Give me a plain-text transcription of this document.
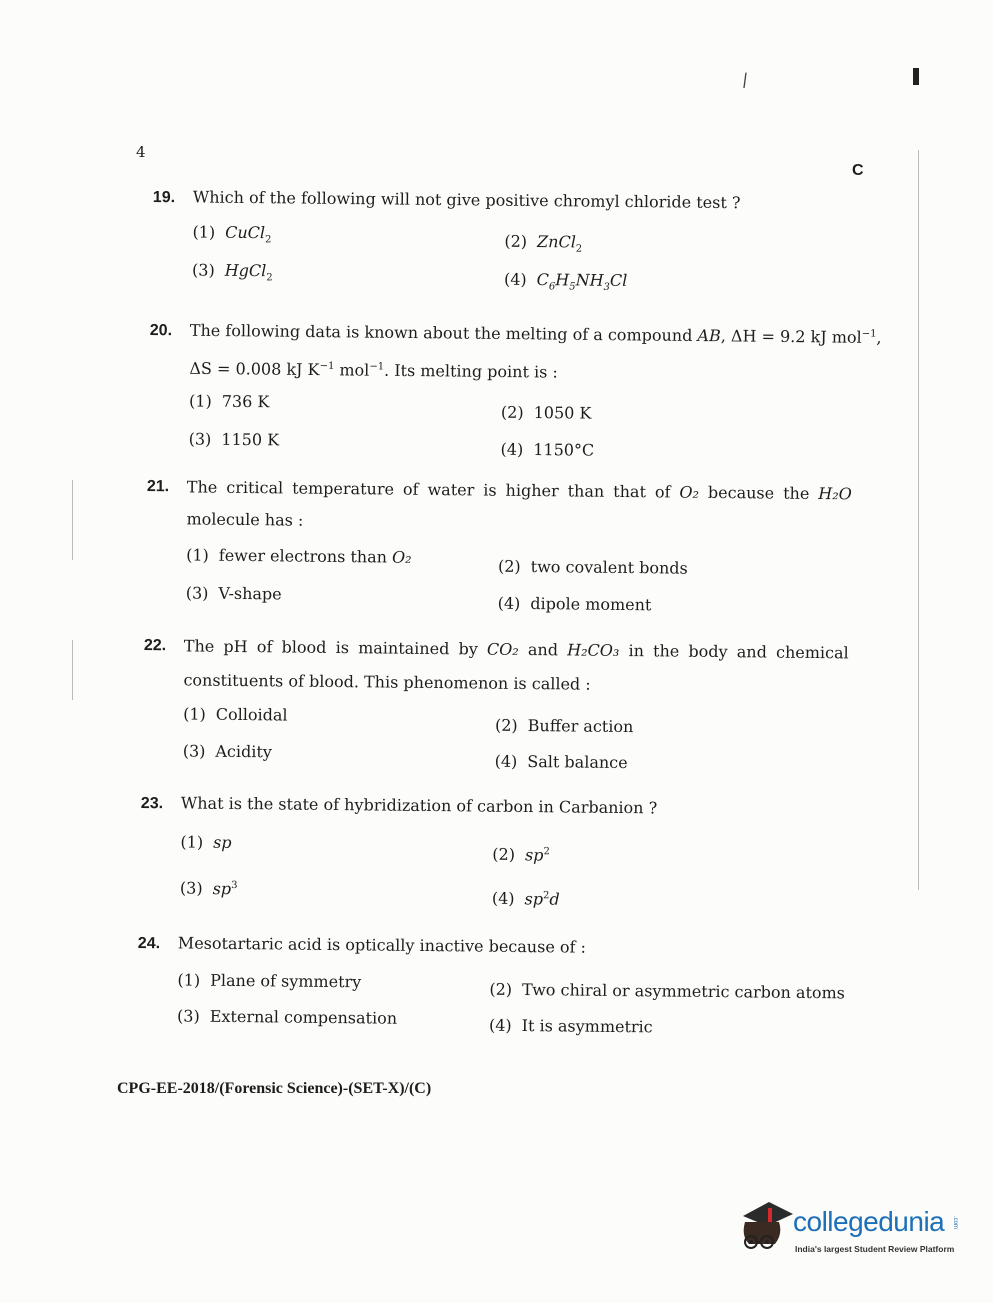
/
4
C
19. Which of the following will not give positive chromyl chloride test ?
(1) CuCl$_2$	(2) ZnCl$_2$
(3) HgCl$_2$	(4) $C_6H_5NH_3Cl$
20. The following data is known about the melting of a compound AB, ΔH = 9.2 kJ mol$^{-1}$,
ΔS = 0.008 kJ $K^{-1}$ mol$^{-1}$. Its melting point is :
(1) 736 K
(2) 1050 K
(3) 1150 K	(4) 1150°C
21.	The critical temperature of water is higher than that of O₂ because the H₂O
molecule has :
(1) fewer electrons than O₂	(2) two covalent bonds
(3) V-shape	(4) dipole moment
22.	The pH of blood is maintained by CO₂ and H₂CO₃ in the body and chemical
constituents of blood. This phenomenon is called :
(1) Colloidal
(2) Buffer action
(3) Acidity	(4) Salt balance
23. What is the state of hybridization of carbon in Carbanion ?
(1) sp
(2) $sp^2$
(3) $sp^3$
(4) $sp^2d$
24. Mesotartaric acid is optically inactive because of :
(1) Plane of symmetry	(2) Two chiral or asymmetric carbon atoms
(3) External compensation	(4) It is asymmetric
CPG-EE-2018/(Forensic Science)-(SET-X)/(C)
collegedunia .com
India's largest Student Review Platform
